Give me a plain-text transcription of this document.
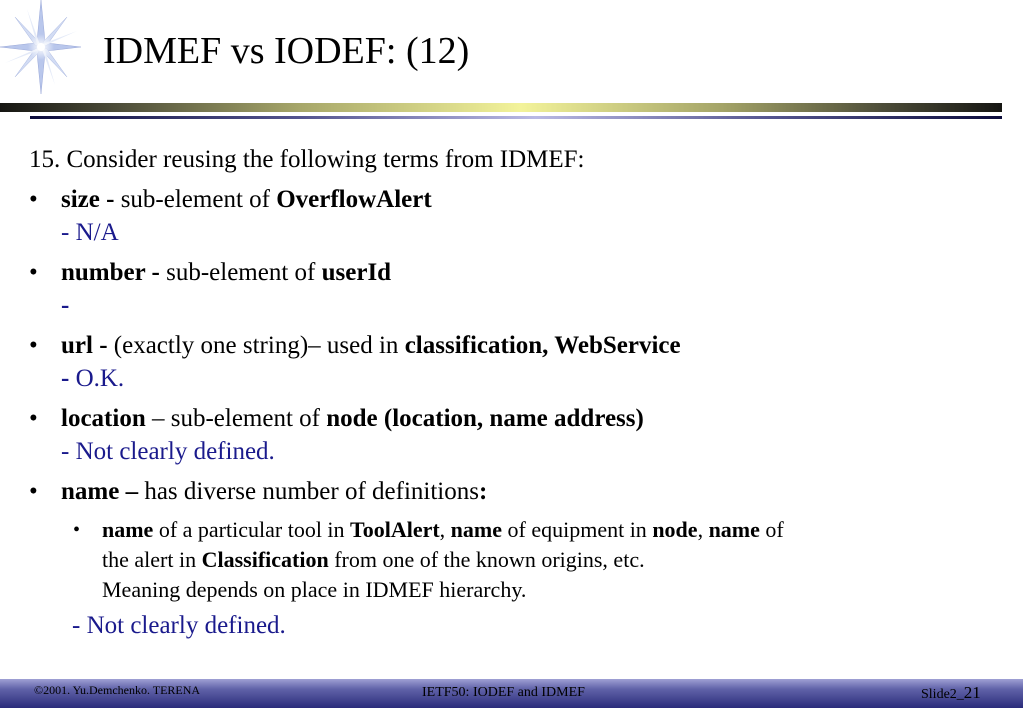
IDMEF vs IODEF: (12)
15. Consider reusing the following terms from IDMEF:
• size - sub-element of OverflowAlert
- N/A
• number - sub-element of userId
-
• url - (exactly one string)– used in classification, WebService
- O.K.
• location – sub-element of node (location, name address)
- Not clearly defined.
• name – has diverse number of definitions:
• name of a particular tool in ToolAlert, name of equipment in node, name of
the alert in Classification from one of the known origins, etc.
Meaning depends on place in IDMEF hierarchy.
- Not clearly defined.
©2001. Yu.Demchenko. TERENA	IETF50: IODEF and IDMEF	Slide2_21
